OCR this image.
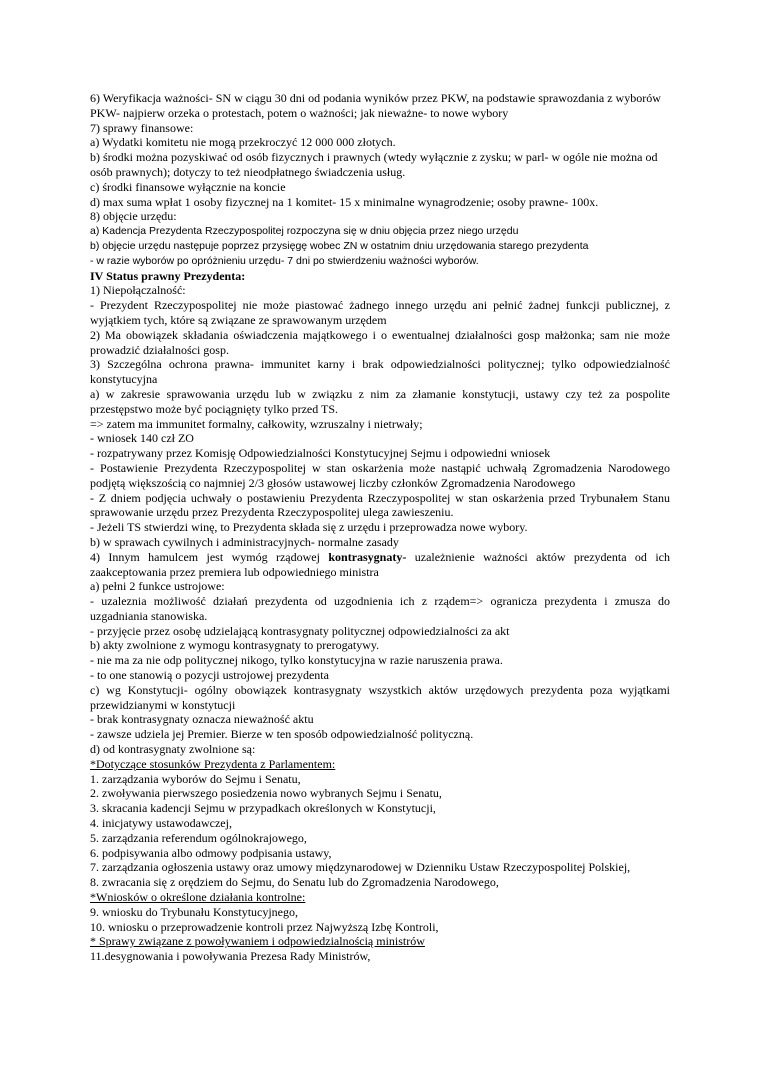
6) Weryfikacja ważności- SN w ciągu 30 dni od podania wyników przez PKW, na podstawie sprawozdania z wyborów PKW- najpierw orzeka o protestach, potem o ważności; jak nieważne- to nowe wybory

7) sprawy finansowe:

a) Wydatki komitetu nie mogą przekroczyć 12 000 000 złotych.

b) środki można pozyskiwać od osób fizycznych i prawnych (wtedy wyłącznie z zysku; w parl- w ogóle nie można od osób prawnych); dotyczy to też nieodpłatnego świadczenia usług.

c) środki finansowe wyłącznie na koncie

d) max suma wpłat 1 osoby fizycznej na 1 komitet- 15 x minimalne wynagrodzenie; osoby prawne- 100x.

8) objęcie urzędu:

a) Kadencja Prezydenta Rzeczypospolitej rozpoczyna się w dniu objęcia przez niego urzędu

b) objęcie urzędu następuje poprzez przysięgę wobec ZN w ostatnim dniu urzędowania starego prezydenta

- w razie wyborów po opróżnieniu urzędu- 7 dni po stwierdzeniu ważności wyborów.

IV Status prawny Prezydenta:

1) Niepołączalność:

- Prezydent Rzeczypospolitej nie może piastować żadnego innego urzędu ani pełnić żadnej funkcji publicznej, z wyjątkiem tych, które są związane ze sprawowanym urzędem

2) Ma obowiązek składania oświadczenia majątkowego i o ewentualnej działalności gosp małżonka; sam nie może prowadzić działalności gosp.

3) Szczególna ochrona prawna- immunitet karny i brak odpowiedzialności politycznej; tylko odpowiedzialność konstytucyjna

a) w zakresie sprawowania urzędu lub w związku z nim za złamanie konstytucji, ustawy czy też za pospolite przestępstwo może być pociągnięty tylko przed TS.

=> zatem ma immunitet formalny, całkowity, wzruszalny i nietrwały;

- wniosek 140 czł ZO

- rozpatrywany przez Komisję Odpowiedzialności Konstytucyjnej Sejmu i odpowiedni wniosek

- Postawienie Prezydenta Rzeczypospolitej w stan oskarżenia może nastąpić uchwałą Zgromadzenia Narodowego podjętą większością co najmniej 2/3 głosów ustawowej liczby członków Zgromadzenia Narodowego

- Z dniem podjęcia uchwały o postawieniu Prezydenta Rzeczypospolitej w stan oskarżenia przed Trybunałem Stanu sprawowanie urzędu przez Prezydenta Rzeczypospolitej ulega zawieszeniu.

- Jeżeli TS stwierdzi winę, to Prezydenta składa się z urzędu i przeprowadza nowe wybory.

b) w sprawach cywilnych i administracyjnych- normalne zasady

4) Innym hamulcem jest wymóg rządowej kontrasygnaty- uzależnienie ważności aktów prezydenta od ich zaakceptowania przez premiera lub odpowiedniego ministra

a) pełni 2 funkce ustrojowe:

- uzaleznia możliwość działań prezydenta od uzgodnienia ich z rządem=> ogranicza prezydenta i zmusza do uzgadniania stanowiska.

- przyjęcie przez osobę udzielającą kontrasygnaty politycznej odpowiedzialności za akt

b) akty zwolnione z wymogu kontrasygnaty to prerogatywy.

- nie ma za nie odp politycznej nikogo, tylko konstytucyjna w razie naruszenia prawa.

- to one stanowią o pozycji ustrojowej prezydenta

c) wg Konstytucji- ogólny obowiązek kontrasygnaty wszystkich aktów urzędowych prezydenta poza wyjątkami przewidzianymi w konstytucji

- brak kontrasygnaty oznacza nieważność aktu

- zawsze udziela jej Premier. Bierze w ten sposób odpowiedzialność polityczną.

d) od kontrasygnaty zwolnione są:

*Dotyczące stosunków Prezydenta z Parlamentem:

1. zarządzania wyborów do Sejmu i Senatu,

2. zwoływania pierwszego posiedzenia nowo wybranych Sejmu i Senatu,

3. skracania kadencji Sejmu w przypadkach określonych w Konstytucji,

4. inicjatywy ustawodawczej,

5. zarządzania referendum ogólnokrajowego,

6. podpisywania albo odmowy podpisania ustawy,

7. zarządzania ogłoszenia ustawy oraz umowy międzynarodowej w Dzienniku Ustaw Rzeczypospolitej Polskiej,

8. zwracania się z orędziem do Sejmu, do Senatu lub do Zgromadzenia Narodowego,

*Wniosków o określone działania kontrolne:

9. wniosku do Trybunału Konstytucyjnego,

10. wniosku o przeprowadzenie kontroli przez Najwyższą Izbę Kontroli,

* Sprawy związane z powoływaniem i odpowiedzialnością ministrów

11.desygnowania i powoływania Prezesa Rady Ministrów,
